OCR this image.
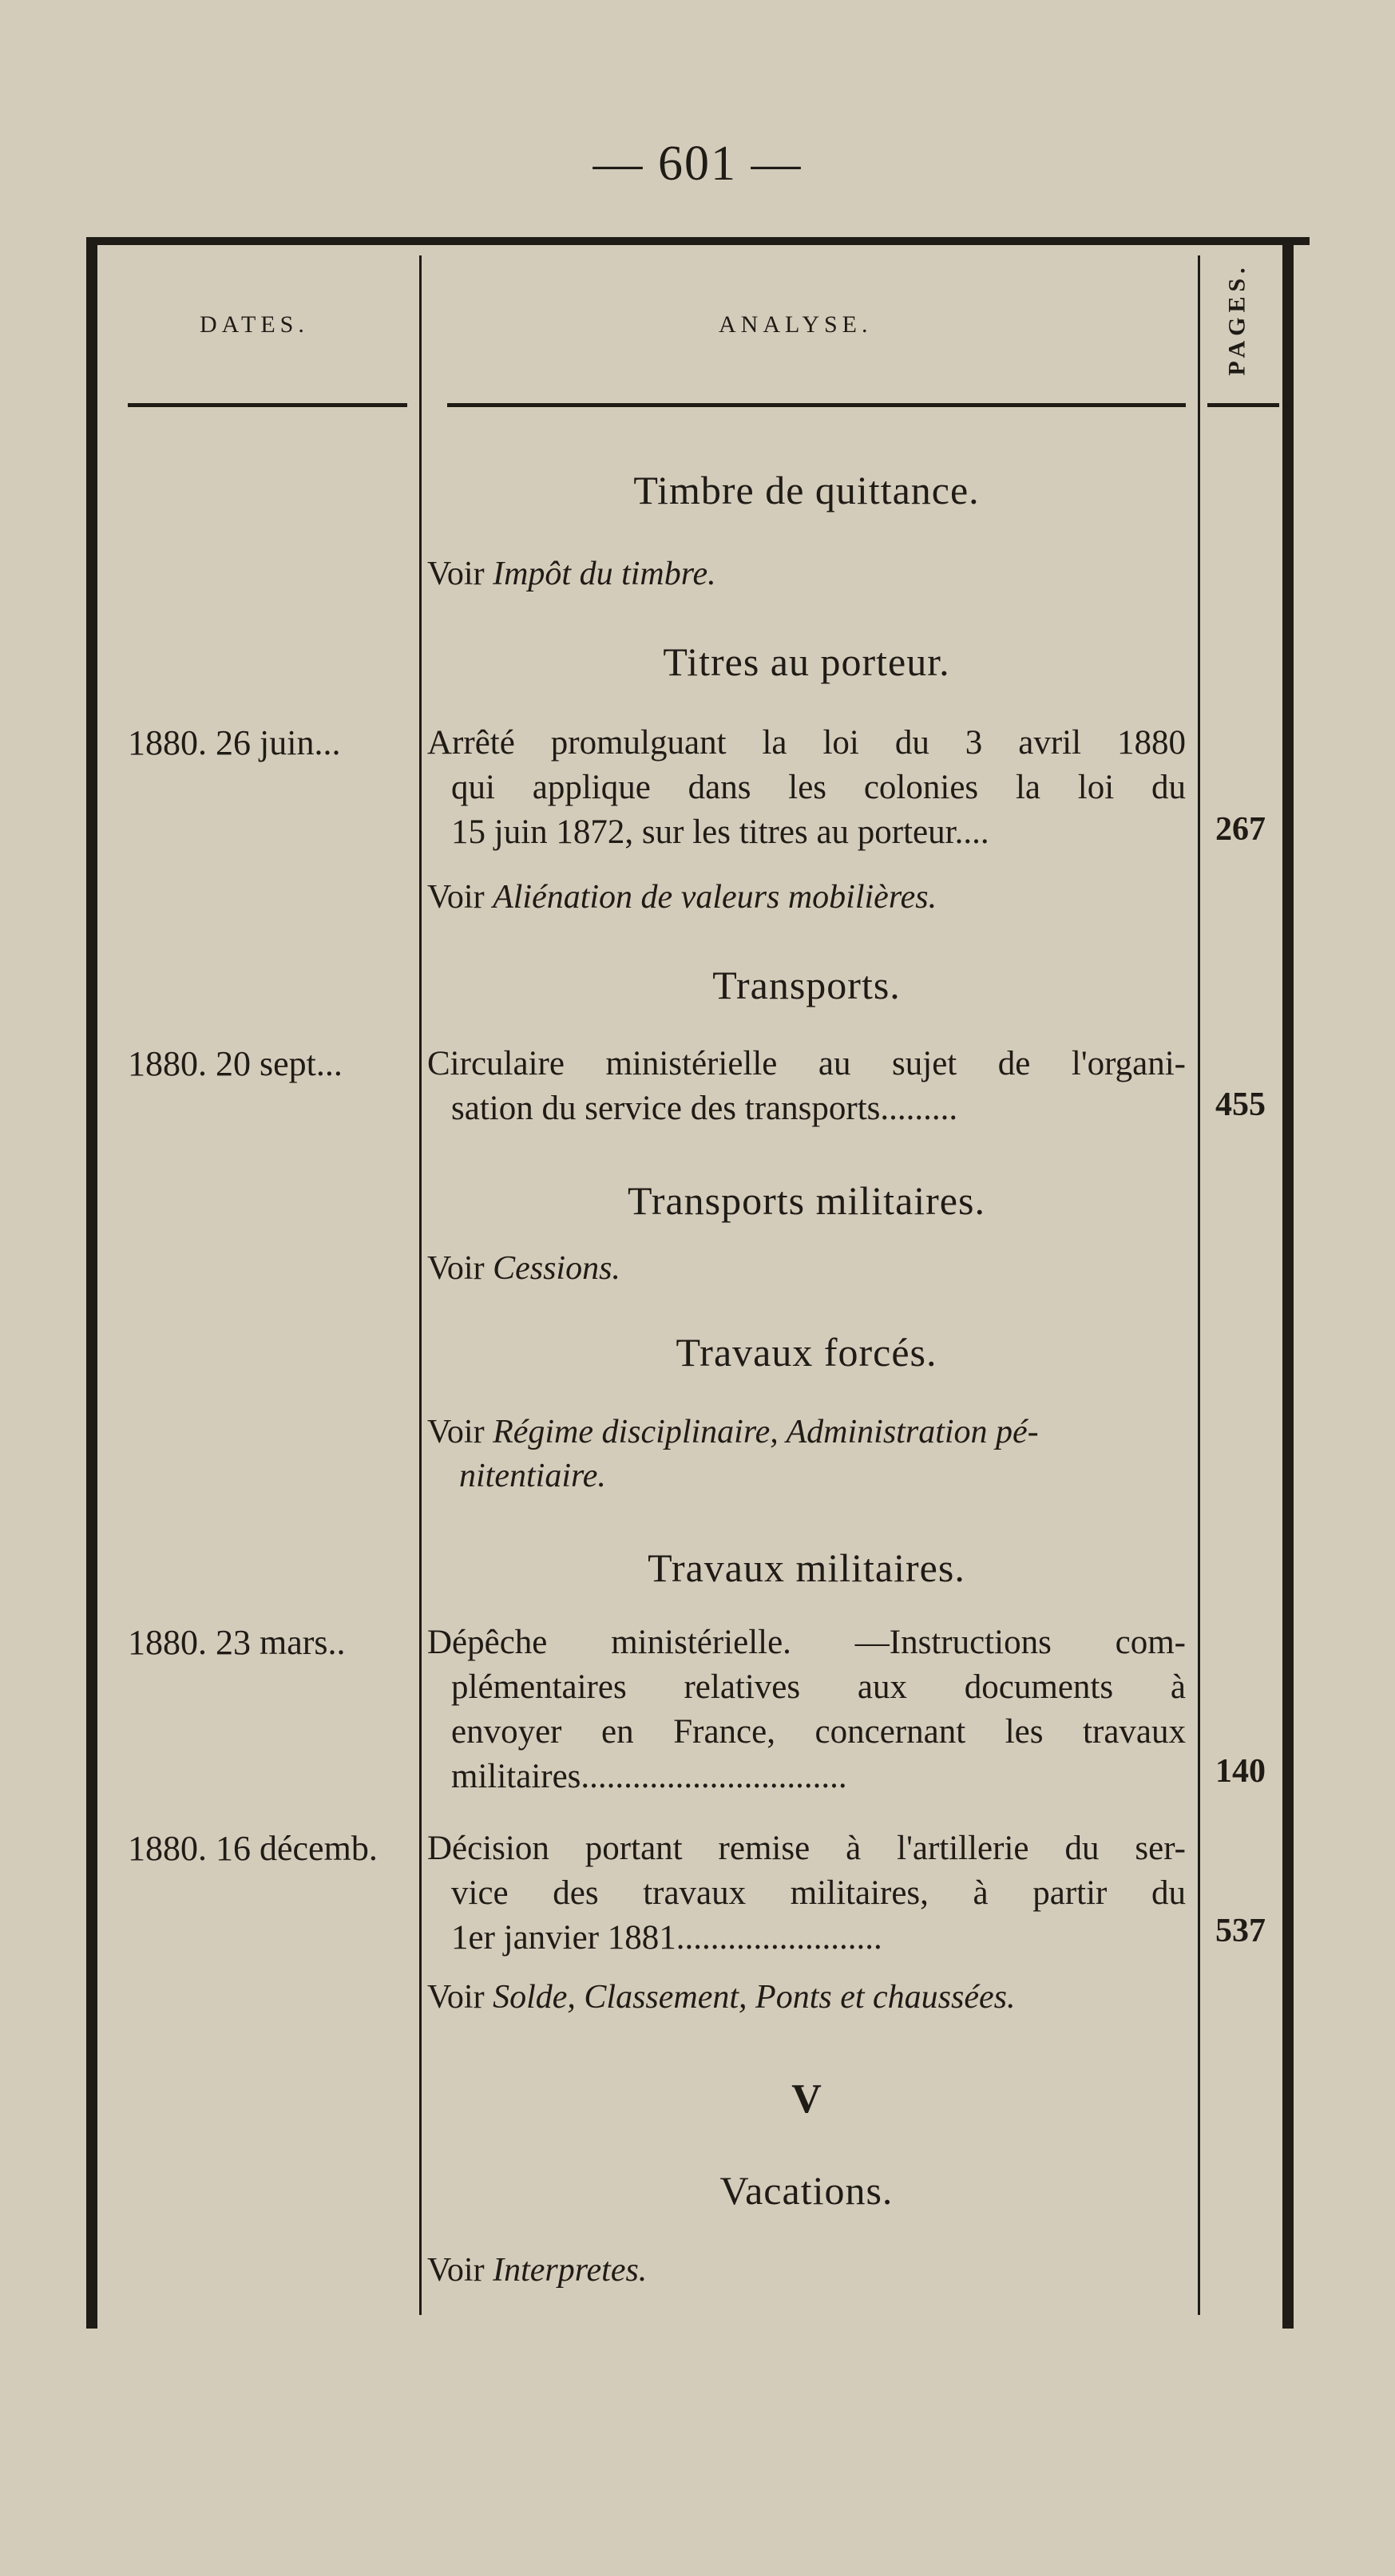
— 601 —
DATES.	ANALYSE.	PAGES.
Timbre de quittance.
Voir Impôt du timbre.
Titres au porteur.
1880. 26 juin...	Arrêté promulguant la loi du 3 avril 1880
qui applique dans les colonies la loi du
15 juin 1872, sur les titres au porteur....	267
Voir Aliénation de valeurs mobilières.
Transports.
1880. 20 sept... Circulaire ministérielle au sujet de l'organi-
sation du service des transports.........	455
Transports militaires.
Voir Cessions.
Travaux forcés.
Voir Régime disciplinaire, Administration pé-
nitentiaire.
Travaux militaires.
1880. 23 mars.. Dépêche ministérielle. —Instructions com-
plémentaires relatives aux documents à
envoyer en France, concernant les travaux
militaires...............................	140
1880. 16 décemb. Décision portant remise à l'artillerie du ser-
vice des travaux militaires, à partir du
1er janvier 1881........................	537
Voir Solde, Classement, Ponts et chaussées.
V
Vacations.
Voir Interpretes.
